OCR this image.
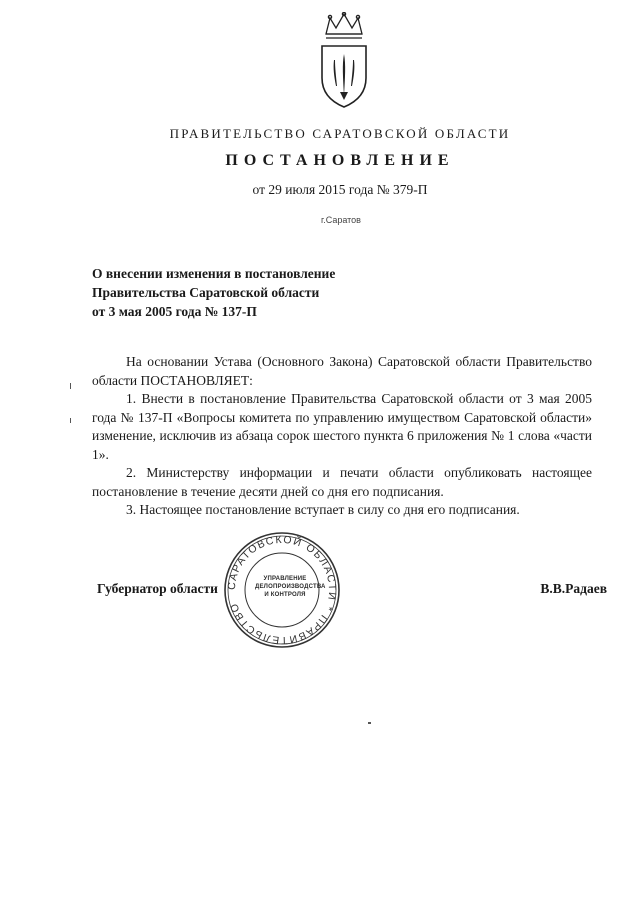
ПРАВИТЕЛЬСТВО САРАТОВСКОЙ ОБЛАСТИ
ПОСТАНОВЛЕНИЕ
от 29 июля 2015 года № 379-П
г.Саратов
О внесении изменения в постановление
Правительства Саратовской области
от 3 мая 2005 года № 137-П

На основании Устава (Основного Закона) Саратовской области Правительство области ПОСТАНОВЛЯЕТ:

1. Внести в постановление Правительства Саратовской области от 3 мая 2005 года № 137-П «Вопросы комитета по управлению имуществом Саратовской области» изменение, исключив из абзаца сорок шестого пункта 6 приложения № 1 слова «части 1».

2. Министерству информации и печати области опубликовать настоящее постановление в течение десяти дней со дня его подписания.

3. Настоящее постановление вступает в силу со дня его подписания.

САРАТОВСКОЙ ОБЛАСТИ * ПРАВИТЕЛЬСТВО
УПРАВЛЕНИЕ
ДЕЛОПРОИЗВОДСТВА
И КОНТРОЛЯ
Губернатор области	В.В.Радаев
